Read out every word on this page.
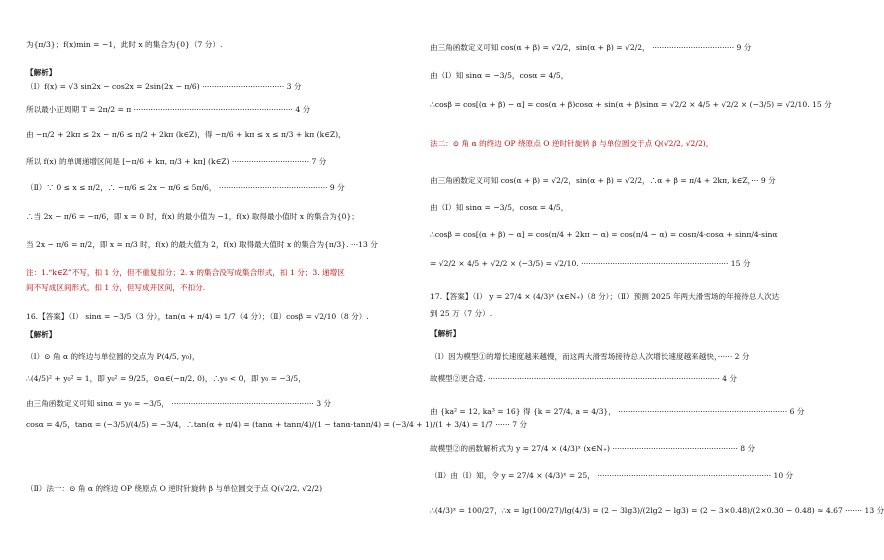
为{π/3}；f(x)min = −1，此时 x 的集合为{0}（7 分）.
【解析】
（Ⅰ）f(x) = √3 sin2x − cos2x = 2sin(2x − π/6) ·································· 3 分
所以最小正周期 T = 2π/2 = π ·································································· 4 分
由 −π/2 + 2kπ ≤ 2x − π/6 ≤ π/2 + 2kπ (k∈Z)，得 −π/6 + kπ ≤ x ≤ π/3 + kπ (k∈Z)，
所以 f(x) 的单调递增区间是 [−π/6 + kπ, π/3 + kπ] (k∈Z) ································ 7 分
（Ⅱ）∵ 0 ≤ x ≤ π/2，∴ −π/6 ≤ 2x − π/6 ≤ 5π/6， ············································· 9 分
∴当 2x − π/6 = −π/6，即 x = 0 时，f(x) 的最小值为 −1，f(x) 取得最小值时 x 的集合为{0}；
当 2x − π/6 = π/2，即 x = π/3 时，f(x) 的最大值为 2，f(x) 取得最大值时 x 的集合为{π/3}. ···13 分
注：1.“k∈Z”不写，扣 1 分，但不重复扣分；2. x 的集合没写成集合形式，扣 1 分；3. 递增区
间不写成区间形式，扣 1 分，但写成开区间，不扣分.
16.【答案】（Ⅰ） sinα = −3/5（3 分），tan(α + π/4) = 1/7（4 分）；（Ⅱ）cosβ = √2/10（8 分）.
【解析】
（Ⅰ）⊙ 角 α 的终边与单位圆的交点为 P(4/5, y₀)，
∴(4/5)² + y₀² = 1，即 y₀² = 9/25，⊙α∈(−π/2, 0)，∴y₀ < 0，即 y₀ = −3/5，
由三角函数定义可知 sinα = y₀ = −3/5， ··························································· 3 分
cosα = 4/5，tanα = (−3/5)/(4/5) = −3/4，∴tan(α + π/4) = (tanα + tanπ/4)/(1 − tanα·tanπ/4) = (−3/4 + 1)/(1 + 3/4) = 1/7 ······ 7 分
（Ⅱ）法一：⊙ 角 α 的终边 OP 绕原点 O 逆时针旋转 β 与单位圆交于点 Q(√2/2, √2/2)
由三角函数定义可知 cos(α + β) = √2/2，sin(α + β) = √2/2， ·································· 9 分
由（Ⅰ）知 sinα = −3/5，cosα = 4/5，
∴cosβ = cos[(α + β) − α] = cos(α + β)cosα + sin(α + β)sinα = √2/2 × 4/5 + √2/2 × (−3/5) = √2/10. 15 分
法二：⊙ 角 α 的终边 OP 绕原点 O 逆时针旋转 β 与单位圆交于点 Q(√2/2, √2/2)，
由三角函数定义可知 cos(α + β) = √2/2，sin(α + β) = √2/2，∴α + β = π/4 + 2kπ, k∈Z，··· 9 分
由（Ⅰ）知 sinα = −3/5，cosα = 4/5，
∴cosβ = cos[(α + β) − α] = cos(π/4 + 2kπ − α) = cos(π/4 − α) = cosπ/4·cosα + sinπ/4·sinα
= √2/2 × 4/5 + √2/2 × (−3/5) = √2/10. ····························································· 15 分
17.【答案】（Ⅰ） y = 27/4 × (4/3)ˣ (x∈N₊)（8 分）；（Ⅱ）预测 2025 年两大滑雪场的年接待总人次达
到 25 万（7 分）.
【解析】
（Ⅰ）因为模型①的增长速度越来越慢，而这两大滑雪场接待总人次增长速度越来越快，······ 2 分
故模型②更合适. ································································································ 4 分
由 {ka² = 12, ka³ = 16} 得 {k = 27/4, a = 4/3}， ······································································ 6 分
故模型②的函数解析式为 y = 27/4 × (4/3)ˣ (x∈N₊) ···················································· 8 分
（Ⅱ）由（Ⅰ）知，令 y = 27/4 × (4/3)ˣ = 25， ········································································ 10 分
∴(4/3)ˣ = 100/27，∴x = lg(100/27)/lg(4/3) = (2 − 3lg3)/(2lg2 − lg3) = (2 − 3×0.48)/(2×0.30 − 0.48) ≈ 4.67 ······· 13 分
